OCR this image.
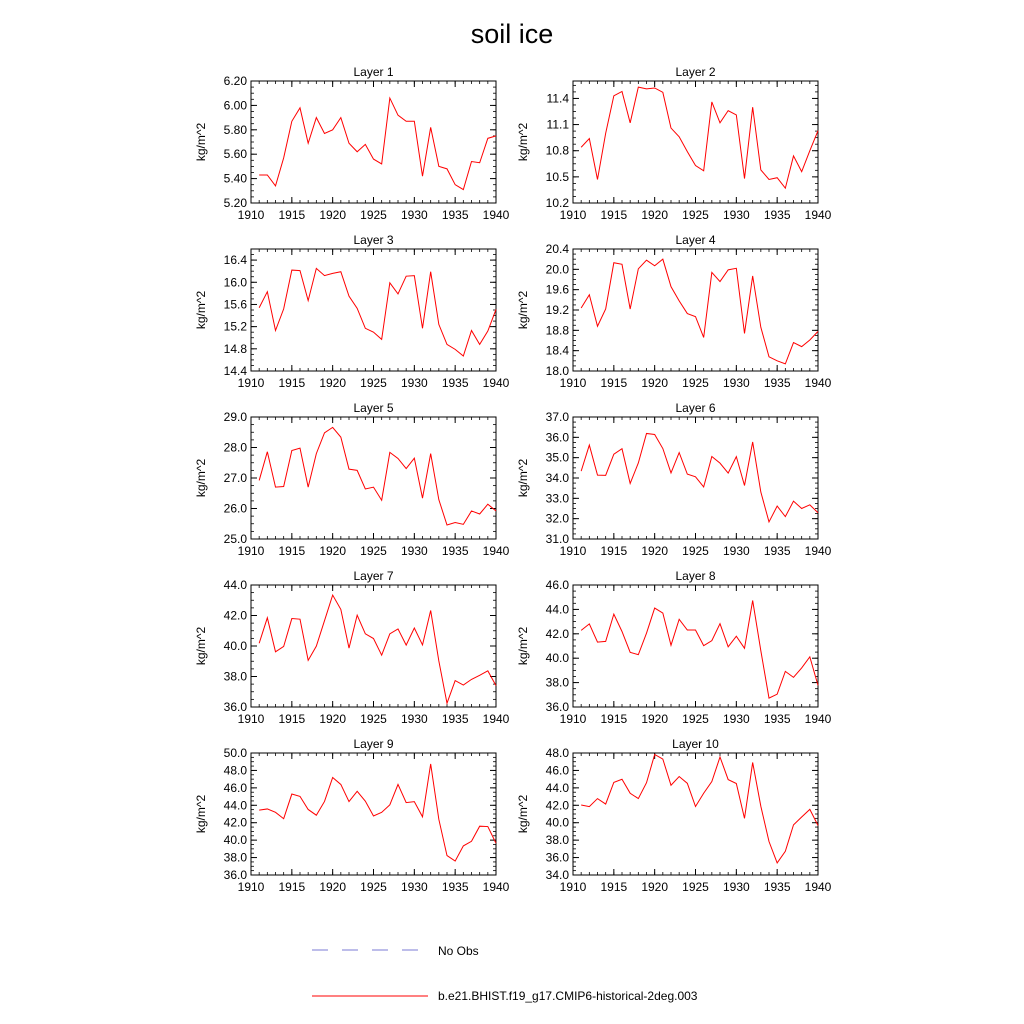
soil ice
1910 1915 1920 1925 1930 1935 1940
5.20
5.40
5.60
5.80
6.00
6.20
Layer 1
kg/m^2
1910 1915 1920 1925 1930 1935 1940
10.2
10.5
10.8
11.1
11.4
Layer 2
kg/m^2
1910 1915 1920 1925 1930 1935 1940
14.4
14.8
15.2
15.6
16.0
16.4
Layer 3
kg/m^2
1910 1915 1920 1925 1930 1935 1940
18.0
18.4
18.8
19.2
19.6
20.0
20.4
Layer 4
kg/m^2
1910 1915 1920 1925 1930 1935 1940
25.0
26.0
27.0
28.0
29.0
Layer 5
kg/m^2
1910 1915 1920 1925 1930 1935 1940
31.0
32.0
33.0
34.0
35.0
36.0
37.0
Layer 6
kg/m^2
1910 1915 1920 1925 1930 1935 1940
36.0
38.0
40.0
42.0
44.0
Layer 7
kg/m^2
1910 1915 1920 1925 1930 1935 1940
36.0
38.0
40.0
42.0
44.0
46.0
Layer 8
kg/m^2
1910 1915 1920 1925 1930 1935 1940
36.0
38.0
40.0
42.0
44.0
46.0
48.0
50.0
Layer 9
kg/m^2
1910 1915 1920 1925 1930 1935 1940
34.0
36.0
38.0
40.0
42.0
44.0
46.0
48.0
Layer 10
kg/m^2
No Obs
b.e21.BHIST.f19_g17.CMIP6-historical-2deg.003
